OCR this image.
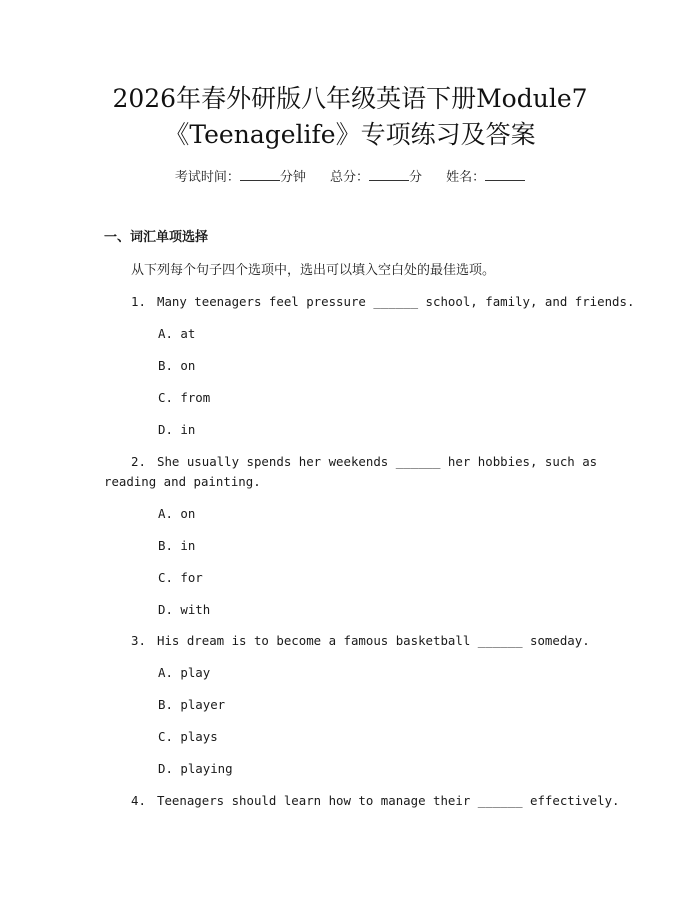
2026年春外研版八年级英语下册Module7
《Teenagelife》专项练习及答案
考试时间：	分钟 总分：	分 姓名：
一、词汇单项选择
从下列每个句子四个选项中，选出可以填入空白处的最佳选项。
1. Many teenagers feel pressure ______ school, family, and friends.
A. at
B. on
C. from
D. in
2. She usually spends her weekends ______ her hobbies, such as
reading and painting.
A. on
B. in
C. for
D. with
3. His dream is to become a famous basketball ______ someday.
A. play
B. player
C. plays
D. playing
4. Teenagers should learn how to manage their ______ effectively.
